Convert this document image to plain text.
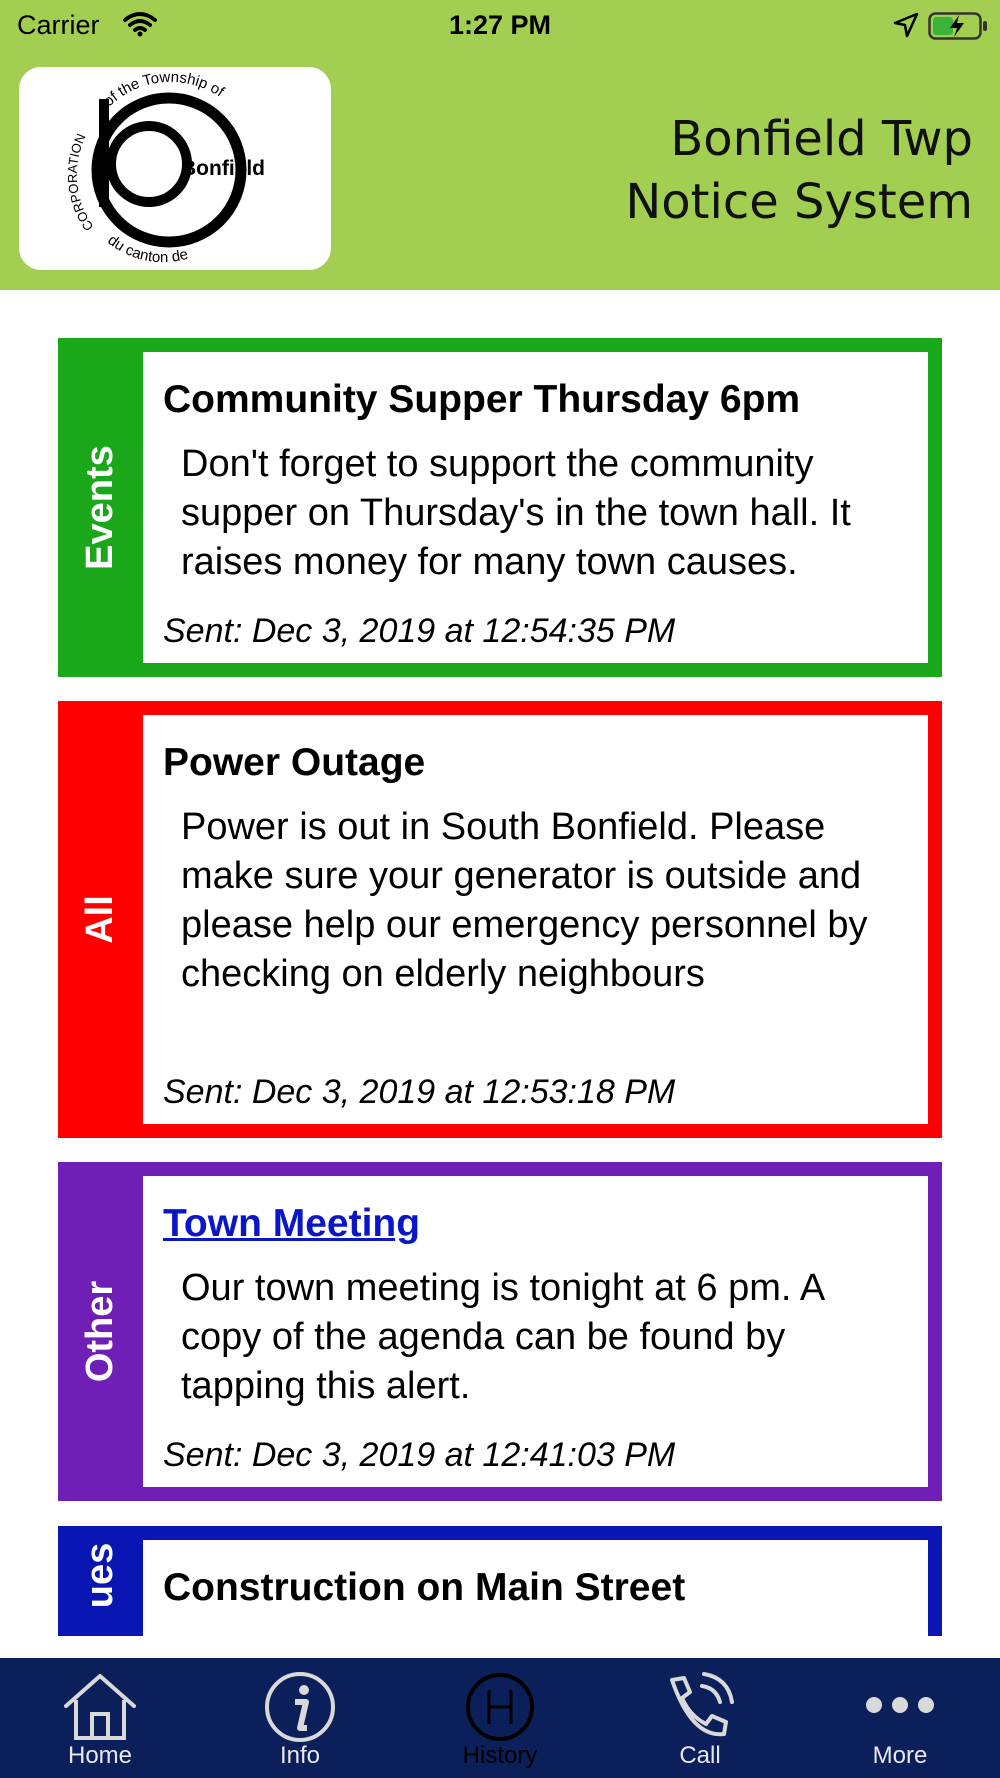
Carrier	1:27 PM
of the Township of
CORPORATION
du canton de
Bonfield
Bonfield Twp
Notice System
Events
Community Supper Thursday 6pm

Don't forget to support the community supper on Thursday's in the town hall. It raises money for many town causes.

Sent: Dec 3, 2019 at 12:54:35 PM
All
Power Outage

Power is out in South Bonfield. Please make sure your generator is outside and please help our emergency personnel by checking on elderly neighbours

Sent: Dec 3, 2019 at 12:53:18 PM
Other
Town Meeting

Our town meeting is tonight at 6 pm. A copy of the agenda can be found by tapping this alert.

Sent: Dec 3, 2019 at 12:41:03 PM
ues Construction on Main Street
Home	Info	History	Call	More
